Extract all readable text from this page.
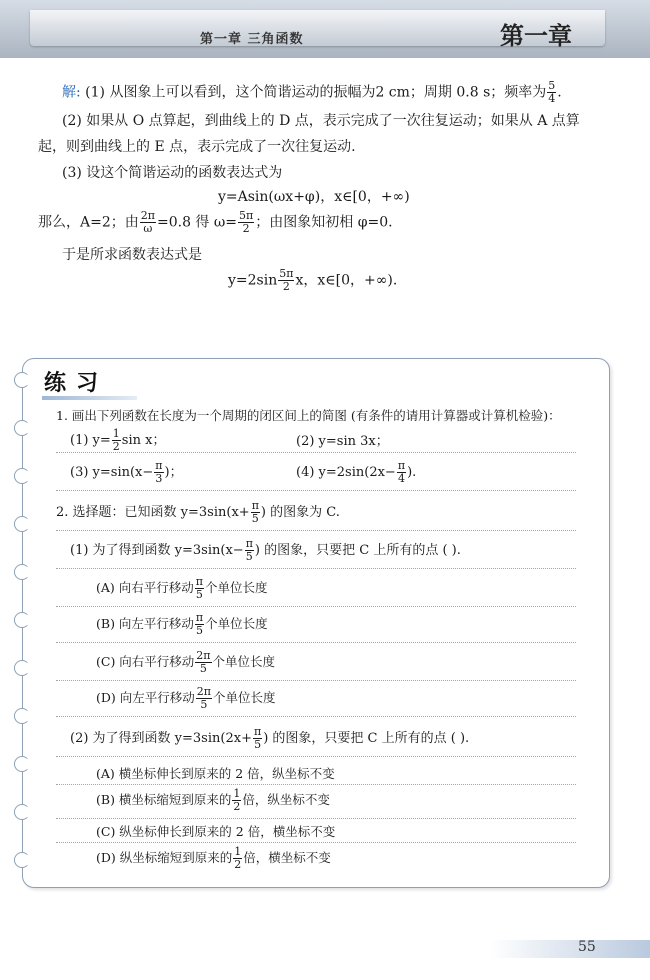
第一章 三角函数	第一章
解: (1) 从图象上可以看到，这个简谐运动的振幅为2 cm；周期 0.8 s；频率为 $\frac{5}{4}$ .
(2) 如果从 O 点算起，到曲线上的 D 点，表示完成了一次往复运动；如果从 A 点算
起，则到曲线上的 E 点，表示完成了一次往复运动.
(3) 设这个简谐运动的函数表达式为
y=Asin(ωx+φ)，x∈[0，+∞)
那么，A=2；由 $\frac{2\pi}{\omega} =0.8$ 得 $\omega= \frac{5\pi}{2}$ ；由图象知初相 φ=0.
于是所求函数表达式是
$y=2\sin \frac{5\pi}{2}$ x，x∈[0，+∞).
练习
1. 画出下列函数在长度为一个周期的闭区间上的简图 (有条件的请用计算器或计算机检验)：
(1) $y= \frac{1}{2}$ sin x；	(2) y=sin 3x；
(3) $y=\sin(x- \frac{\pi}{3}$ )；	(4) $y=2\sin(2x- \frac{\pi}{4}$ ).
2. 选择题：已知函数 $y=3\sin(x+ \frac{\pi}{5}$ ) 的图象为 C.
(1) 为了得到函数 $y=3\sin(x- \frac{\pi}{5}$ ) 的图象，只要把 C 上所有的点 ( ).
(A) 向右平行移动 $\frac{\pi}{5}$ 个单位长度
(B) 向左平行移动 $\frac{\pi}{5}$ 个单位长度
(C) 向右平行移动 $\frac{2\pi}{5}$ 个单位长度
(D) 向左平行移动 $\frac{2\pi}{5}$ 个单位长度
(2) 为了得到函数 $y=3\sin(2x+ \frac{\pi}{5}$ ) 的图象，只要把 C 上所有的点 ( ).
(A) 横坐标伸长到原来的 2 倍，纵坐标不变
(B) 横坐标缩短到原来的 $\frac{1}{2}$ 倍，纵坐标不变
(C) 纵坐标伸长到原来的 2 倍，横坐标不变
(D) 纵坐标缩短到原来的 $\frac{1}{2}$ 倍，横坐标不变
55
